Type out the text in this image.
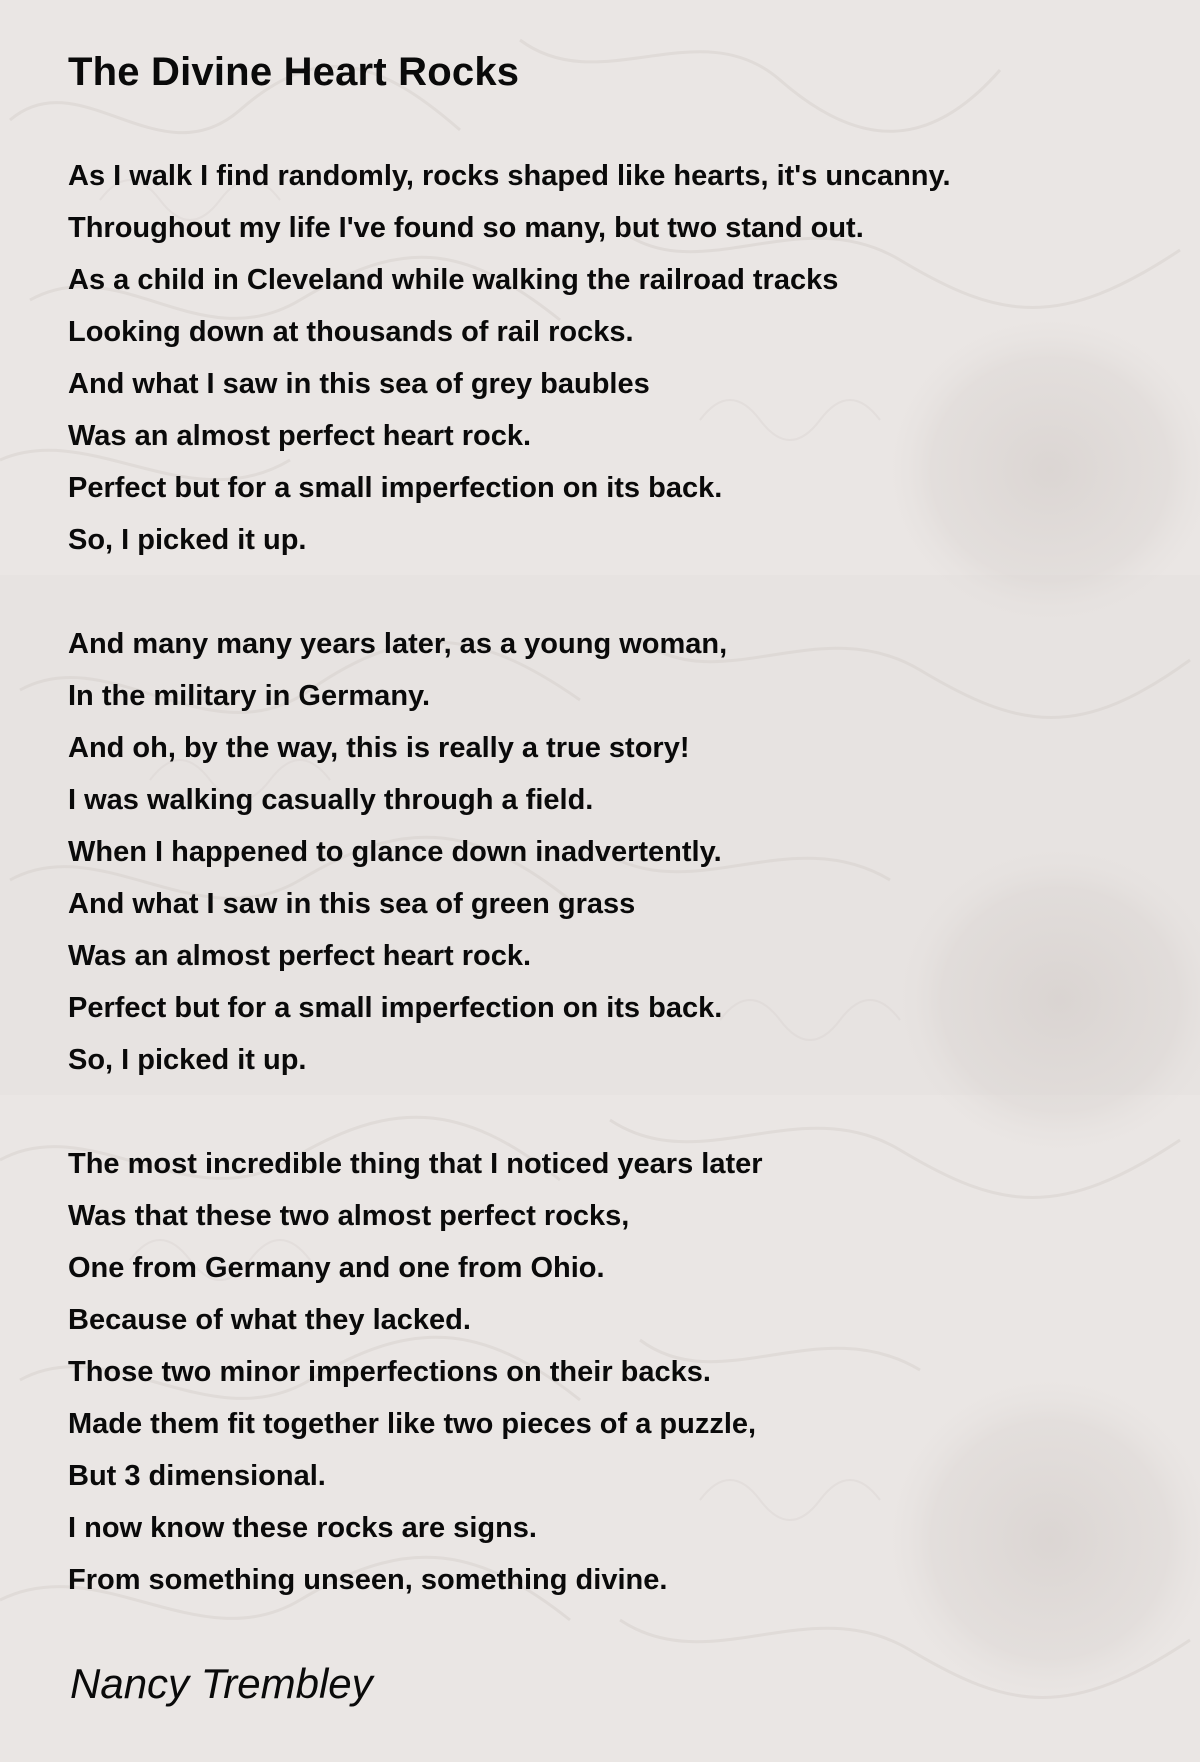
The Divine Heart Rocks
As I walk I find randomly, rocks shaped like hearts, it's uncanny.
Throughout my life I've found so many, but two stand out.
As a child in Cleveland while walking the railroad tracks
Looking down at thousands of rail rocks.
And what I saw in this sea of grey baubles
Was an almost perfect heart rock.
Perfect but for a small imperfection on its back.
So, I picked it up.
And many many years later, as a young woman,
In the military in Germany.
And oh, by the way, this is really a true story!
I was walking casually through a field.
When I happened to glance down inadvertently.
And what I saw in this sea of green grass
Was an almost perfect heart rock.
Perfect but for a small imperfection on its back.
So, I picked it up.
The most incredible thing that I noticed years later
Was that these two almost perfect rocks,
One from Germany and one from Ohio.
Because of what they lacked.
Those two minor imperfections on their backs.
Made them fit together like two pieces of a puzzle,
But 3 dimensional.
I now know these rocks are signs.
From something unseen, something divine.
Nancy Trembley
